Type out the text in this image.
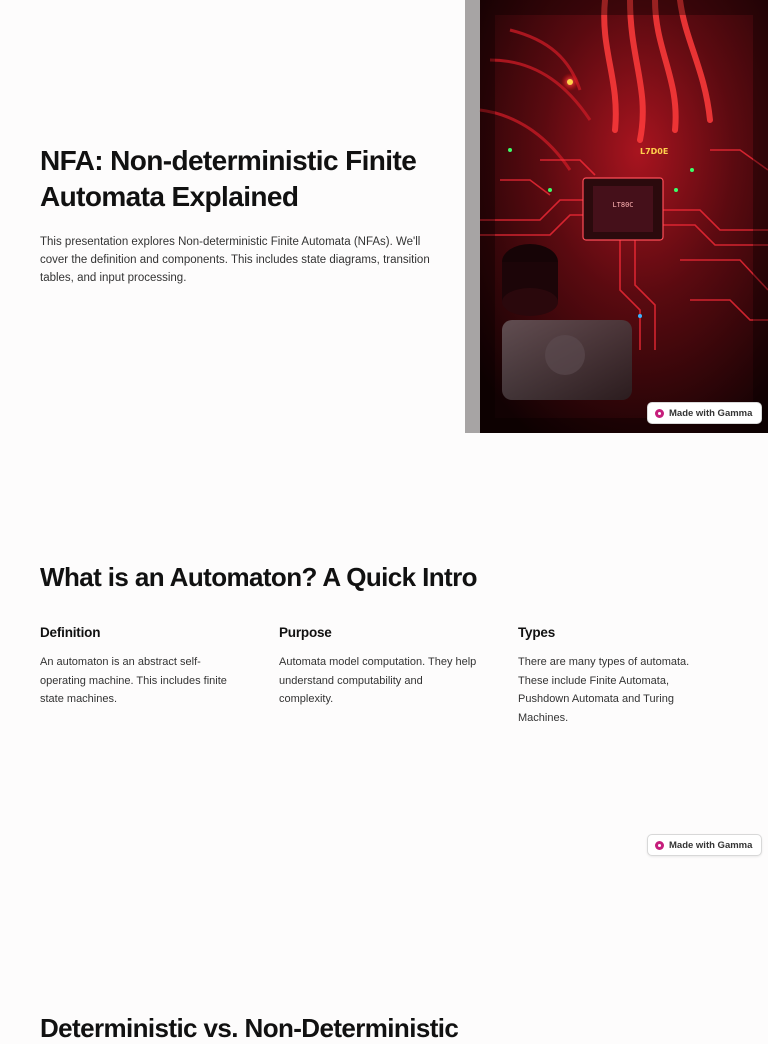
NFA: Non-deterministic Finite Automata Explained

This presentation explores Non-deterministic Finite Automata (NFAs). We'll cover the definition and components. This includes state diagrams, transition tables, and input processing.

LT80C
L7D0E
Made with Gamma
What is an Automaton? A Quick Intro
Definition

An automaton is an abstract self-operating machine. This includes finite state machines.

Purpose

Automata model computation. They help understand computability and complexity.

Types

There are many types of automata. These include Finite Automata, Pushdown Automata and Turing Machines.

Made with Gamma
Deterministic vs. Non-Deterministic
